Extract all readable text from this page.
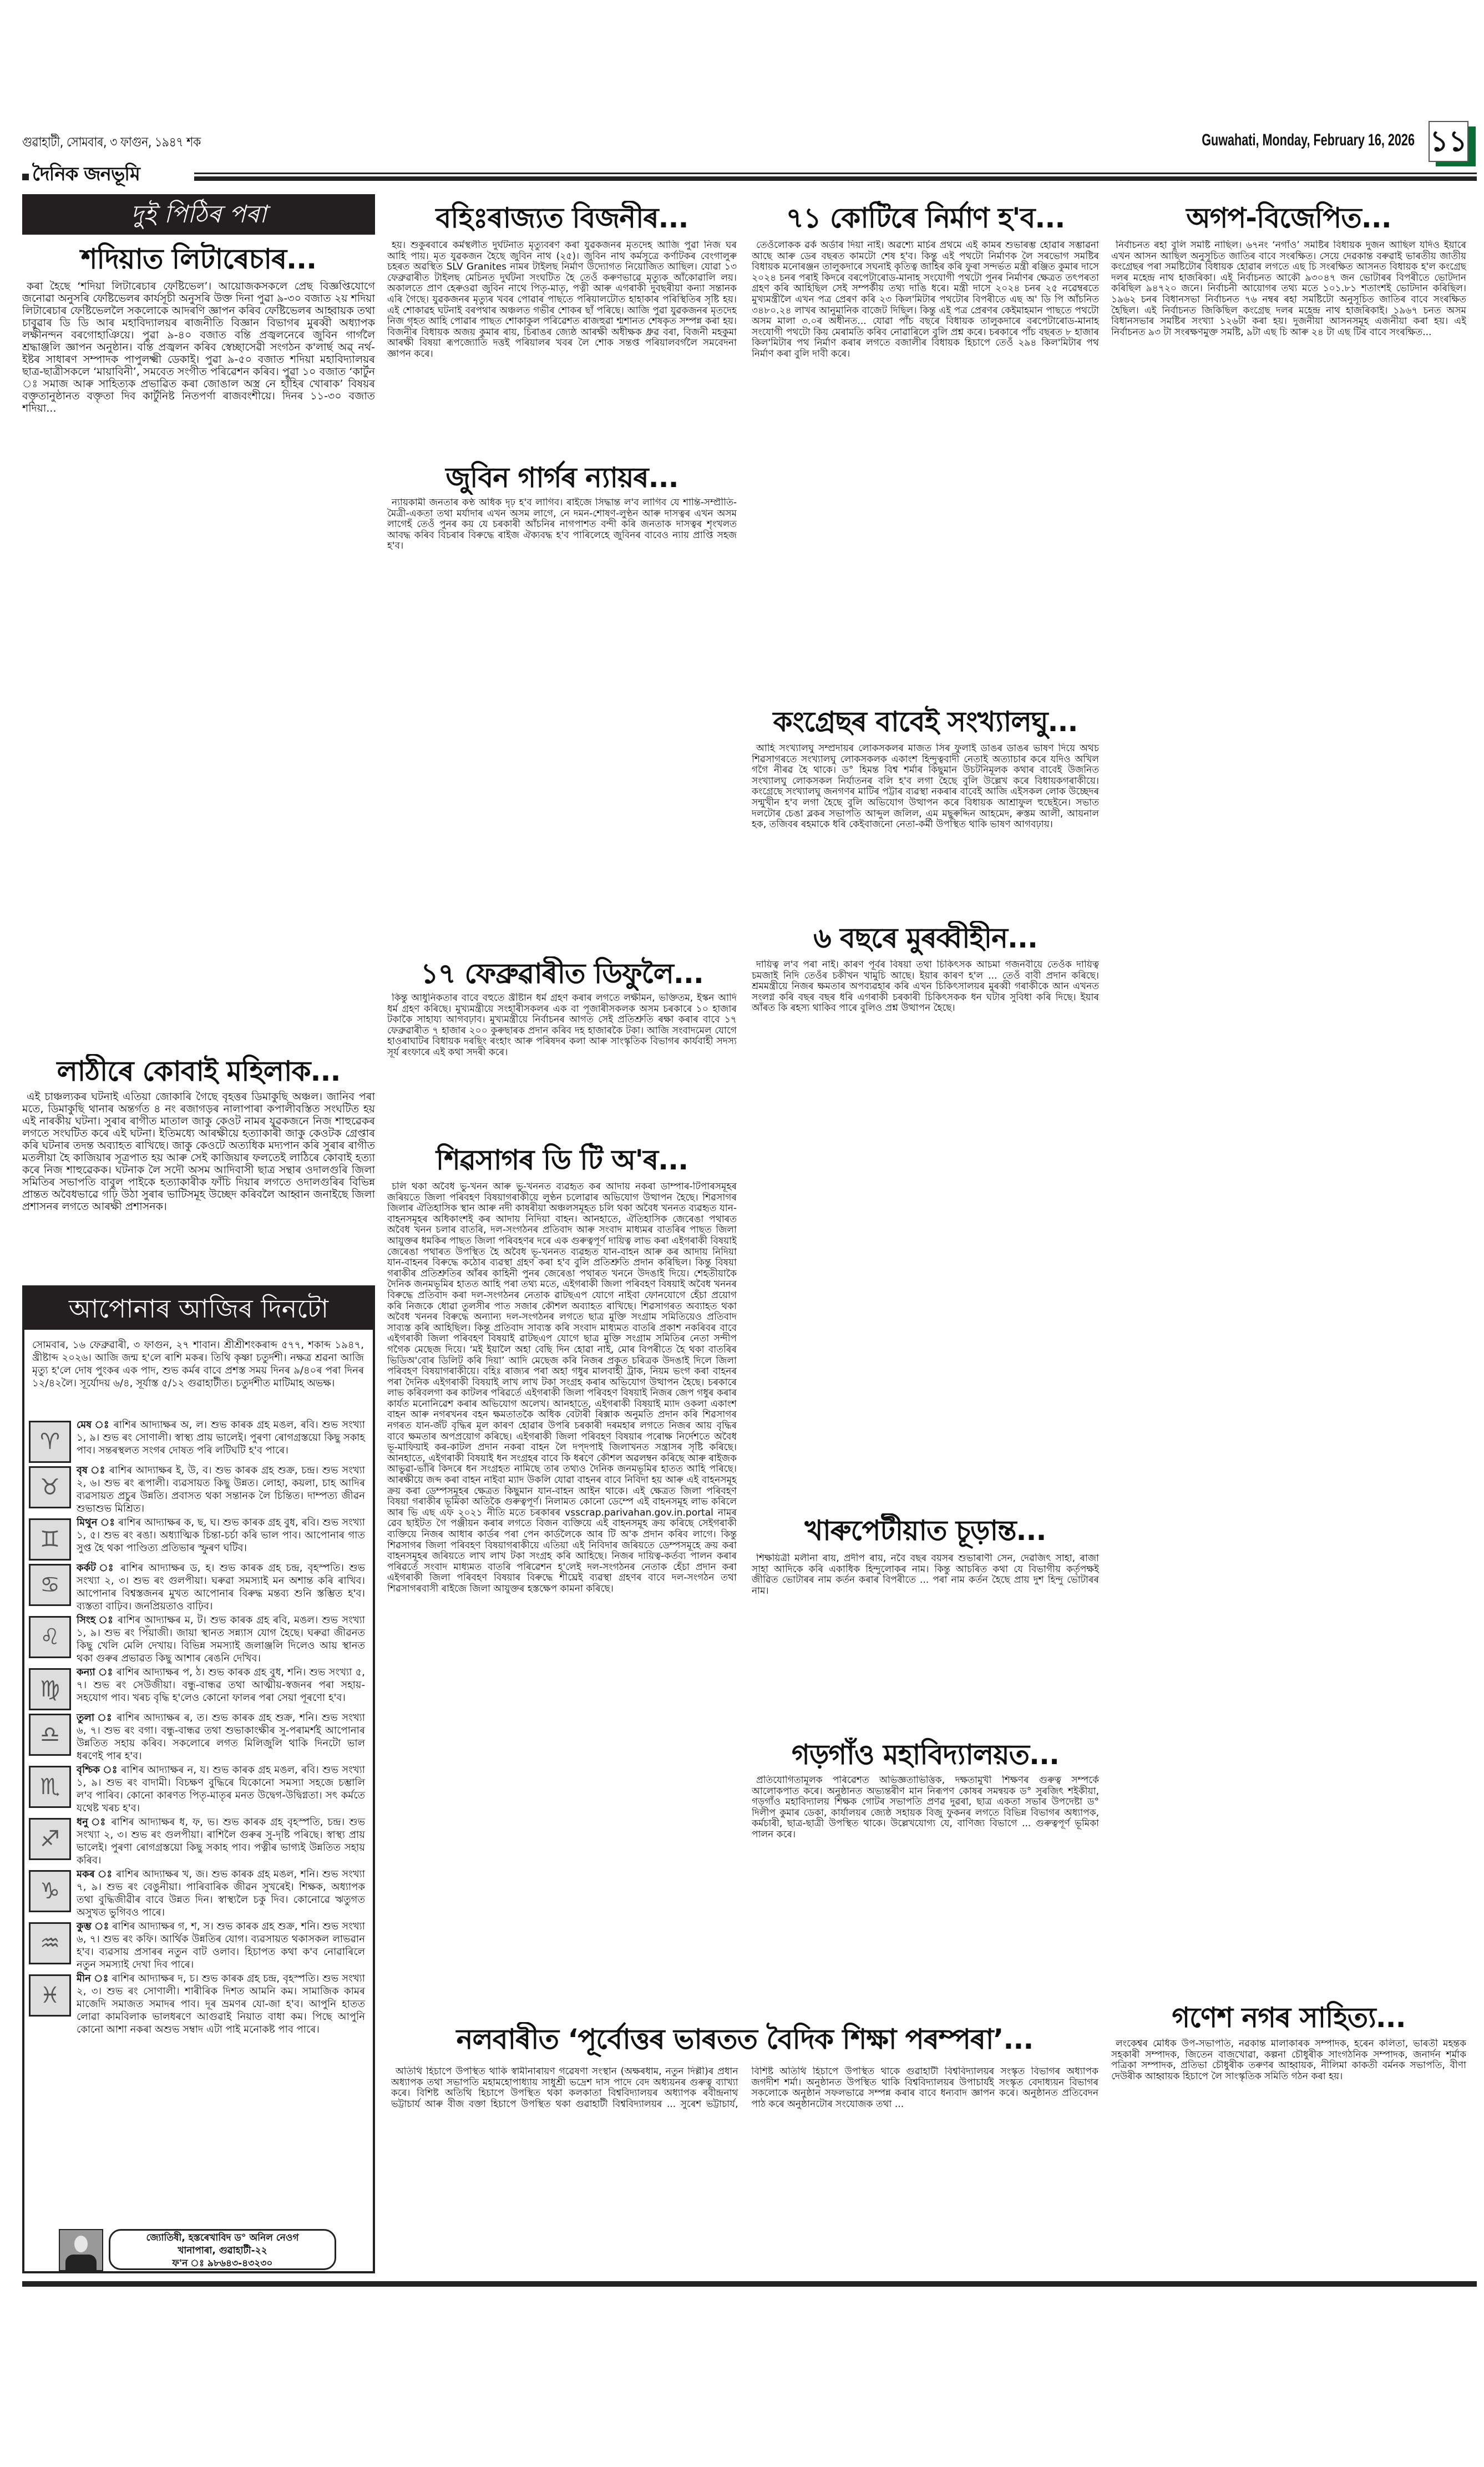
গুৱাহাটী, সোমবাৰ, ৩ ফাগুন, ১৯৪৭ শক	Guwahati, Monday, February 16, 2026 ১১
দৈনিক জনভূমি
দুই পিঠিৰ পৰা
শদিয়াত লিটাৰেচাৰ...
কৰা হৈছে ‘শদিয়া লিটাৰেচাৰ ফেষ্টিভেল’। আয়োজকসকলে প্ৰেছ বিজ্ঞপ্তিযোগে জনোৱা অনুসৰি ফেষ্টিভেলৰ কাৰ্যসূচী অনুসৰি উক্ত দিনা পুৱা ৯-৩০ বজাত ২য় শদিয়া লিটাৰেচাৰ ফেষ্টিভেললৈ সকলোকে আদৰণি জ্ঞাপন কৰিব ফেষ্টিভেলৰ আহ্বায়ক তথা চাবুৱাৰ ডি ডি আৰ মহাবিদ্যালয়ৰ ৰাজনীতি বিজ্ঞান বিভাগৰ মুৰব্বী অধ্যাপক লক্ষীনন্দন বৰগোহাঞিয়ে। পুৱা ৯-৪০ বজাত বন্তি প্ৰজ্বলনেৰে জুবিন গাৰ্গলৈ শ্ৰদ্ধাঞ্জলি জ্ঞাপন অনুষ্ঠান। বন্তি প্ৰজ্বলন কৰিব স্বেচ্ছাসেৱী সংগঠন ক'লাৰ্ছ অৱ্ নৰ্থ-ইষ্টৰ সাধাৰণ সম্পাদক পাপুলক্ষ্মী ডেকাই। পুৱা ৯-৫০ বজাত শদিয়া মহাবিদ্যালয়ৰ ছাত্ৰ-ছাত্ৰীসকলে ‘মায়াবিনী’, সমবেত সংগীত পৰিৱেশন কৰিব। পুৱা ১০ বজাত ‘কাৰ্টুন ঃ সমাজ আৰু সাহিত্যক প্ৰভাৱিত কৰা জোঙাল অস্ত্ৰ নে হাঁহিৰ খোৰাক’ বিষয়ৰ বক্তৃতানুষ্ঠানত বক্তৃতা দিব কাৰ্টুনিষ্ট নিতপৰ্ণা ৰাজবংশীয়ে। দিনৰ ১১-৩০ বজাত শদিয়া...
লাঠীৰে কোবাই মহিলাক...
এই চাঞ্চল্যকৰ ঘটনাই এতিয়া জোকাৰি গৈছে বৃহত্তৰ ডিমাকুছি অঞ্চল। জানিব পৰা মতে, ডিমাকুছি থানাৰ অন্তৰ্গত ৪ নং ৰজাগড়ৰ নালাপাৰা কপালীবস্তিত সংঘটিত হয় এই নাৰকীয় ঘটনা। সুৰাৰ ৰাগীত মাতাল জাকু কেওট নামৰ যুৱকজনে নিজ শাহুৱেকৰ লগতে সংঘটিত কৰে এই ঘটনা। ইতিমধ্যে আৰক্ষীয়ে হত্যাকাৰী জাকু কেওটক গ্ৰেপ্তাৰ কৰি ঘটনাৰ তদন্ত অব্যাহত ৰাখিছে। জাকু কেওটে অত্যধিক মদ্যপান কৰি সুৰাৰ ৰাগীত মতলীয়া হৈ কাজিয়াৰ সূত্ৰপাত হয় আৰু সেই কাজিয়াৰ ফলতেই লাঠিৰে কোবাই হত্যা কৰে নিজ শাহুৱেকক। ঘটনাক লৈ সদৌ অসম আদিবাসী ছাত্ৰ সন্থাৰ ওদালগুৰি জিলা সমিতিৰ সভাপতি বাবুল পাইকে হত্যাকাৰীক ফাঁচি দিয়াৰ লগতে ওদালগুৰিৰ বিভিন্ন প্ৰান্তত অবৈধভাৱে গঢ়ি উঠা সুৰাৰ ভাটিসমূহ উচ্ছেদ কৰিবলৈ আহ্বান জনাইছে জিলা প্ৰশাসনৰ লগতে আৰক্ষী প্ৰশাসনক।
আপোনাৰ আজিৰ দিনটো
সোমবাৰ, ১৬ ফেব্ৰুৱাৰী, ৩ ফাগুন, ২৭ শাবান। শ্ৰীশ্ৰীশংকৰাব্দ ৫৭৭, শকাব্দ ১৯৪৭, খ্ৰীষ্টাব্দ ২০২৬। আজি জন্ম হ'লে ৰাশি মকৰ। তিথি কৃষ্ণা চতুৰ্দশী। নক্ষত্ৰ শ্ৰৱনা আজি মৃত্যু হ'লে দোষ পুংকৰ এক পাদ, শুভ কৰ্মৰ বাবে প্ৰশস্ত সময় দিনৰ ৯/৪০ৰ পৰা দিনৰ ১২/৪২লৈ। সূৰ্যোদয় ৬/৪, সূৰ্যাস্ত ৫/১২ গুৱাহাটীত। চতুৰ্দশীত মাটিমাহ অভক্ষ।
♈
মেষ ঃ ৰাশিৰ আদ্যাক্ষৰ অ, ল। শুভ কাৰক গ্ৰহ মঙল, ৰবি। শুভ সংখ্যা ১, ৯। শুভ ৰং সোণালী। স্বাস্থ্য প্ৰায় ভালেই। পুৰণা ৰোগগ্ৰস্তয়ো কিছু সকাহ পাব। সন্তৰস্থলত সংগৰ দোষত পৰি লটিঘটি হ'ব পাৰে।
♉
বৃষ ঃ ৰাশিৰ আদ্যাক্ষৰ ই, উ, ব। শুভ কাৰক গ্ৰহ শুক্ৰ, চন্দ্ৰ। শুভ সংখ্যা ২, ৬। শুভ ৰং ৰূপালী। ব্যৱসায়ত কিছু উন্নত। লোহা, কয়লা, চাহ আদিৰ ব্যৱসায়ত প্ৰচুৰ উন্নতি। প্ৰবাসত থকা সন্তানক লৈ চিন্তিত। দাম্পত্য জীৱন শুভাশুভ মিশ্ৰিত।
♊
মিথুন ঃ ৰাশিৰ আদ্যাক্ষৰ ক, ছ, ঘ। শুভ কাৰক গ্ৰহ বুধ, ৰবি। শুভ সংখ্যা ১, ৫। শুভ ৰং ৰঙা। অধ্যাত্মিক চিন্তা-চৰ্চা কৰি ভাল পাব। আপোনাৰ গাত সুপ্ত হৈ থকা পাণ্ডিত্য প্ৰতিভাৰ স্ফুৰণ ঘটিব।
♋
কৰ্কট ঃ ৰাশিৰ আদ্যাক্ষৰ ড, হ। শুভ কাৰক গ্ৰহ চন্দ্ৰ, বৃহস্পতি। শুভ সংখ্যা ২, ৩। শুভ ৰং গুলপীয়া। ঘৰুৱা সমস্যাই মন অশান্ত কৰি ৰাখিব। আপোনাৰ বিশ্বস্তজনৰ মুখত আপোনাৰ বিৰুদ্ধ মন্তব্য শুনি স্তম্ভিত হ'ব। ব্যস্ততা বাঢ়িব। জনপ্ৰিয়তাও বাঢ়িব।
♌
সিংহ ঃ ৰাশিৰ আদ্যাক্ষৰ ম, ট। শুভ কাৰক গ্ৰহ ৰবি, মঙল। শুভ সংখ্যা ১, ৯। শুভ ৰং পিঁয়াজী। জায়া স্থানত সন্ন্যাস যোগ হৈছে। ঘৰুৱা জীৱনত কিছু খেলি মেলি দেখায়। বিভিন্ন সমস্যাই জলাঞ্জলি দিলেও আয় স্থানত থকা গুৰুৰ প্ৰভাৱত কিছু আশাৰ ৰেঙনি দেখিব।
♍
কন্যা ঃ ৰাশিৰ আদ্যাক্ষৰ প, ঠ। শুভ কাৰক গ্ৰহ বুধ, শনি। শুভ সংখ্যা ৫, ৭। শুভ ৰং সেউজীয়া। বন্ধু-বান্ধৱ তথা আত্মীয়-স্বজনৰ পৰা সহায়-সহযোগ পাব। খৰচ বৃদ্ধি হ'লেও কোনো ফালৰ পৰা সেয়া পূৰণো হ'ব।
♎
তুলা ঃ ৰাশিৰ আদ্যাক্ষৰ ৰ, ত। শুভ কাৰক গ্ৰহ শুক্ৰ, শনি। শুভ সংখ্যা ৬, ৭। শুভ ৰং বগা। বন্ধু-বান্ধৱ তথা শুভাকাংক্ষীৰ সু-পৰামৰ্শই আপোনাৰ উন্নতিত সহায় কৰিব। সকলোৰে লগত মিলিজুলি থাকি দিনটো ভাল ধৰণেই পাৰ হ'ব।
♏
বৃশ্চিক ঃ ৰাশিৰ আদ্যাক্ষৰ ন, য। শুভ কাৰক গ্ৰহ মঙল, ৰবি। শুভ সংখ্যা ১, ৯। শুভ ৰং বাদামী। বিচক্ষণ বুদ্ধিৰে যিকোনো সমস্যা সহজে চম্ভালি ল'ব পাৰিব। কোনো কাৰণত পিতৃ-মাতৃৰ মনত উদ্বেগ-উদ্বিগ্নতা। সৎ কৰ্মতে যথেষ্ট খৰচ হ'ব।
♐
ধনু ঃ ৰাশিৰ আদ্যাক্ষৰ ধ, ফ, ভ। শুভ কাৰক গ্ৰহ বৃহস্পতি, চন্দ্ৰ। শুভ সংখ্যা ২, ৩। শুভ ৰং গুলপীয়া। ৰাশিলৈ গুৰুৰ সু-দৃষ্টি পৰিছে। স্বাস্থ্য প্ৰায় ভালেই। পুৰণা ৰোগগ্ৰস্তয়ো কিছু সকাহ পাব। পত্নীৰ ভাগ্যই উন্নতিত সহায় কৰিব।
♑
মকৰ ঃ ৰাশিৰ আদ্যাক্ষৰ খ, জ। শুভ কাৰক গ্ৰহ মঙল, শনি। শুভ সংখ্যা ৭, ৯। শুভ ৰং বেঙুনীয়া। পাৰিবাৰিক জীৱন সুখৰেই। শিক্ষক, অধ্যাপক তথা বুদ্ধিজীৱীৰ বাবে উন্নত দিন। স্বাস্থ্যলৈ চকু দিব। কোনোৱে ঋতুগত অসুখত ভুগিবও পাৰে।
♒
কুম্ভ ঃ ৰাশিৰ আদ্যাক্ষৰ গ, শ, স। শুভ কাৰক গ্ৰহ শুক্ৰ, শনি। শুভ সংখ্যা ৬, ৭। শুভ ৰং কফি। আৰ্থিক উন্নতিৰ যোগ। ব্যৱসায়ত থকাসকল লাভৱান হ'ব। ব্যৱসায় প্ৰসাৰৰ নতুন বাট ওলাব। হিচাপত কথা ক'ব নোৱাৰিলে নতুন সমস্যাই দেখা দিব পাৰে।
♓
মীন ঃ ৰাশিৰ আদ্যাক্ষৰ দ, চ। শুভ কাৰক গ্ৰহ চন্দ্ৰ, বৃহস্পতি। শুভ সংখ্যা ২, ৩। শুভ ৰং সোণালী। শাৰীৰিক দিশত আমনি কম। সামাজিক কামৰ মাজেদি সমাজত সমাদৰ পাব। দূৰ ভ্ৰমণৰ যো-জা হ'ব। আপুনি হাতত লোৱা কামবিলাক ভালধৰণে আগুৱাই নিয়াত বাধা কম। পিছে আপুনি কোনো আশা নকৰা অশুভ সম্বাদ এটা পাই মনোকষ্ট পাব পাৰে।
জ্যোতিষী, হস্তৰেখাবিদ ড° অনিল নেওগ
খানাপাৰা, গুৱাহাটী-২২
ফ'ন ঃ ৯৮৬৪৩-৪৩২৩০
বহিঃৰাজ্যত বিজনীৰ...
হয়। শুকুৰবাৰে কৰ্মস্থলীত দুৰ্ঘটনাত মৃত্যুবৰণ কৰা যুৱকজনৰ মৃতদেহ আজি পুৱা নিজ ঘৰ আহি পায়। মৃত যুৱকজন হৈছে জুবিন নাথ (২৫)। জুবিন নাথ কৰ্মসূত্ৰে কৰ্ণাটকৰ বেংগালুৰু চহৰত অৱস্থিত SLV Granites নামৰ টাইলছ নিৰ্মাণ উদ্যোগত নিয়োজিত আছিল। যোৱা ১৩ ফেব্ৰুৱাৰীত টাইলছ মেচিনত দুৰ্ঘটনা সংঘটিত হৈ তেওঁ কৰুণভাৱে মৃত্যুক আঁকোৱালি লয়। অকালতে প্ৰাণ হেৰুওৱা জুবিন নাথে পিতৃ-মাতৃ, পত্নী আৰু এগৰাকী দুবছৰীয়া কন্যা সন্তানক এৰি গৈছে। যুৱকজনৰ মৃত্যুৰ খবৰ পোৱাৰ পাছতে পৰিয়ালটোত হাহাকাৰ পৰিস্থিতিৰ সৃষ্টি হয়। এই শোকাৱহ ঘটনাই বৰপথাৰ অঞ্চলত গভীৰ শোকৰ ছাঁ পৰিছে। আজি পুৱা যুৱকজনৰ মৃতদেহ নিজ গৃহত আহি পোৱাৰ পাছত শোকাকুল পৰিৱেশত ৰাজহুৱা শ্মশানত শেষকৃত সম্পন্ন কৰা হয়। বিজনীৰ বিধায়ক অজয় কুমাৰ ৰায়, চিৰাঙৰ জ্যেষ্ঠ আৰক্ষী অধীক্ষক ধ্ৰুৱ বৰা, বিজনী মহকুমা আৰক্ষী বিষয়া ৰূপজ্যোতি দত্তই পৰিয়ালৰ খবৰ লৈ শোক সন্তপ্ত পৰিয়ালবৰ্গলৈ সমবেদনা জ্ঞাপন কৰে।
জুবিন গাৰ্গৰ ন্যায়ৰ...
ন্যায়কামী জনতাৰ কণ্ঠ অধিক দৃঢ় হ'ব লাগিব। ৰাইজে সিদ্ধান্ত ল'ব লাগিব যে শান্তি-সম্প্ৰীতি-মৈত্ৰী-একতা তথা মৰ্যাদাৰ এখন অসম লাগে, নে দমন-শোষণ-লুণ্ঠন আৰু দাসত্বৰ এখন অসম লাগেহঁ তেওঁ পুনৰ কয় যে চৰকাৰী আঁচনিৰ নাগপাশত বন্দী কৰি জনতাক দাসত্বৰ শৃংখলত আবদ্ধ কৰিব বিচৰাৰ বিৰুদ্ধে ৰাইজ ঐক্যবদ্ধ হ'ব পাৰিলেহে জুবিনৰ বাবেও ন্যায় প্ৰাপ্তি সহজ হ'ব।
১৭ ফেব্ৰুৱাৰীত ডিফুলৈ...
কিন্তু আধুনিকতাৰ বাবে বহুতে খ্ৰীষ্টান ধৰ্ম গ্ৰহণ কৰাৰ লগতে লক্ষীমন, ভক্তিতম, ইস্কন আদি ধৰ্ম গ্ৰহণ কৰিছে। মুখ্যমন্ত্ৰীয়ে সংহাৰীসকলৰ এক বা পূজাৰীসকলক অসম চৰকাৰে ১০ হাজাৰ টকাকৈ সাহায্য আগবঢ়াব। মুখ্যমন্ত্ৰীয়ে নিৰ্বাচনৰ আগত সেই প্ৰতিশ্ৰুতি ৰক্ষা কৰাৰ বাবে ১৭ ফেব্ৰুৱাৰীত ৭ হাজাৰ ২০০ কুৰুছাৰক প্ৰদান কৰিব দহ হাজাৰকৈ টকা। আজি সংবাদমেল যোগে হাওৰাঘাটৰ বিধায়ক দৰছিং ৰংহাং আৰু পৰিষদৰ কলা আৰু সাংস্কৃতিক বিভাগৰ কাৰ্যবাহী সদস্য সূৰ্য ৰংফাৰে এই কথা সদৰী কৰে।
শিৱসাগৰ ডি টি অ'ৰ...
চলি থকা অবৈধ ভু-খনন আৰু ভু-খননত ব্যৱহৃত কৰ আদায় নকৰা ডাম্পাৰ-টিপাৰসমূহৰ জৰিয়তে জিলা পৰিবহণ বিষয়াগৰাকীয়ে লুণ্ঠন চলোৱাৰ অভিযোগ উত্থাপন হৈছে। শিৱসাগৰ জিলাৰ ঐতিহাসিক স্থান আৰু নদী কাষৰীয়া অঞ্চলসমূহত চলি থকা অবৈধ খননত ব্যৱহৃত যান-বাহনসমূহৰ অধিকাংশই কৰ আদায় নিদিয়া বাহন। আনহাতে, ঐতিহাসিক জেৰেঙা পথাৰত অবৈধ খনন চলাৰ বাতৰি, দল-সংগঠনৰ প্ৰতিবাদ আৰু সংবাদ মাধ্যমৰ বাতৰিৰ পাছত জিলা আয়ুক্তৰ ধমকিৰ পাছত জিলা পৰিবহণৰ দৰে এক গুৰুত্বপূৰ্ণ দায়িত্ব লাভ কৰা এইগৰাকী বিষয়াই জেৰেঙা পথাৰত উপস্থিত হৈ অবৈধ ভূ-খননত ব্যৱহৃত যান-বাহন আৰু কৰ আদায় নিদিয়া যান-বাহনৰ বিৰুদ্ধে কঠোৰ ব্যৱস্থা গ্ৰহণ কৰা হ'ব বুলি প্ৰতিশ্ৰুতি প্ৰদান কৰিছিল। কিন্তু বিষয়া গৰাকীৰ প্ৰতিশ্ৰুতিৰ আঁৰৰ কাহিনী পুনৰ জেৰেঙা পথাৰত খননে উদঙাই দিয়ে। শেহতীয়াকৈ দৈনিক জনমভূমিৰ হাতত আহি পৰা তথ্য মতে, এইগৰাকী জিলা পৰিবহণ বিষয়াই অবৈধ খননৰ বিৰুদ্ধে প্ৰতিবাদ কৰা দল-সংগঠনৰ নেতাক ৱাটছএপ যোগে নাইবা ফোনযোগে হেঁচা প্ৰয়োগ কৰি নিজকে ধোৱা তুলসীৰ পাত সজাৰ কৌশল অব্যাহত ৰাখিছে। শিৱসাগৰত অব্যাহত থকা অবৈধ খননৰ বিৰুদ্ধে অন্যান্য দল-সংগঠনৰ লগতে ছাত্ৰ মুক্তি সংগ্ৰাম সমিতিয়েও প্ৰতিবাদ সাব্যস্ত কৰি আহিছিল। কিন্তু প্ৰতিবাদ সাব্যস্ত কৰি সংবাদ মাধ্যমত বাতৰি প্ৰকাশ নকৰিবৰ বাবে এইগৰাকী জিলা পৰিবহণ বিষয়াই ৱাটছএপ যোগে ছাত্ৰ মুক্তি সংগ্ৰাম সমিতিৰ নেতা সন্দীপ গগৈক মেছেজ দিয়ে। ‘মই ইয়ালৈ অহা বেছি দিন হোৱা নাই, মোৰ বিপৰীতে হৈ থকা বাতৰিৰ ভিডিঅ'বোৰ ডিলিট কৰি দিয়া’ আদি মেছেজ কৰি নিজৰ প্ৰকৃত চৰিত্ৰক উদঙাই দিলে জিলা পৰিবহণ বিষয়াগৰাকীয়ে। বহিঃ ৰাজ্যৰ পৰা অহা গধুৰ মালবাহী ট্ৰাক, নিয়ম ভংগ কৰা বাহনৰ পৰা দৈনিক এইগৰাকী বিষয়াই লাখ লাখ টকা সংগ্ৰহ কৰাৰ অভিযোগ উত্থাপন হৈছে। চৰকাৰে লাভ কৰিবলগা কৰ কাটলৰ পৰিৱৰ্তে এইগৰাকী জিলা পৰিবহণ বিষয়াই নিজৰ জেপ গধুৰ কৰাৰ কাৰ্যত মনোনিৱেশ কৰাৰ অভিযোগ অলেখ। আনহাতে, এইগৰাকী বিষয়াই ম্যাদ ওকলা একাংশ বাহন আৰু নগৰখনৰ বহন ক্ষমতাতকৈ অধিক বেটাৰী ৰিক্সাক অনুমতি প্ৰদান কৰি শিৱসাগৰ নগৰত যান-জঁট বৃদ্ধিৰ মূল কাৰণ হোৱাৰ উপৰি চৰকাৰী দৰমহাৰ লগতে নিজৰ আয় বৃদ্ধিৰ বাবে ক্ষমতাৰ অপপ্ৰয়োগ কৰিছে। এইগৰাকী জিলা পৰিবহণ বিষয়াৰ পৰোক্ষ নিৰ্দেশতে অবৈধ ভূ-মাফিয়াই কৰ-কাটল প্ৰদান নকৰা বাহন লৈ দপ্দপাই জিলাখনত সন্ত্ৰাসৰ সৃষ্টি কৰিছে। আনহাতে, এইগৰাকী বিষয়াই ধন সংগ্ৰহৰ বাবে কি ধৰণে কৌশল অৱলম্বন কৰিছে আৰু ৰাইজক আভুৱা-ভাঁৰি কিদৰে ধন সংগ্ৰহত নামিছে তাৰ তথ্যও দৈনিক জনমভূমিৰ হাতত আহি পৰিছে। আৰক্ষীয়ে জব্দ কৰা বাহন নাইবা ম্যাদ উকলি যোৱা বাহনৰ বাবে নিবিদা হয় আৰু এই বাহনসমূহ ক্ৰয় কৰা ডেম্পসমূহৰ ক্ষেত্ৰত কিছুমান যান-বাহন আইন থাকে। এই ক্ষেত্ৰত জিলা পৰিবহণ বিষয়া গৰাকীৰ ভূমিকা অতিকৈ গুৰুত্বপূৰ্ণ। নিলামত কোনো ডেম্পে এই বাহনসমূহ লাভ কৰিলে আৰ ভি এছ এফ ২০২১ নীতি মতে চৰকাৰৰ vsscrap.parivahan.gov.in.portal নামৰ ৱেব ছাইটত গৈ পঞ্জীয়ন কৰাৰ লগতে বিজন ব্যক্তিয়ে এই বাহনসমূহ ক্ৰয় কৰিছে সেইগৰাকী ব্যক্তিয়ে নিজৰ আধাৰ কাৰ্ডৰ পৰা পেন কাৰ্ডলৈকে আৰ টি অ'ক প্ৰদান কৰিব লাগে। কিন্তু শিৱসাগৰ জিলা পৰিবহণ বিষয়াগৰাকীয়ে এতিয়া এই নিবিদাৰ জৰিয়তে ডেম্পসমূহে ক্ৰয় কৰা বাহনসমূহৰ জৰিয়তে লাখ লাখ টকা সংগ্ৰহ কৰি আহিছে। নিজৰ দায়িত্ব-কৰ্তব্য পালন কৰাৰ পৰিৱৰ্তে সংবাদ মাধ্যমত বাতৰি পৰিৱেশন হ'লেই দল-সংগঠনৰ নেতাক হেঁচা প্ৰদান কৰা এইগৰাকী জিলা পৰিবহণ বিষয়াৰ বিৰুদ্ধে শীঘ্ৰেই ব্যৱস্থা গ্ৰহণৰ বাবে দল-সংগঠন তথা শিৱসাগৰবাসী ৰাইজে জিলা আয়ুক্তৰ হস্তক্ষেপ কামনা কৰিছে।
৭১ কোটিৰে নিৰ্মাণ হ'ব...
তেওঁলোকক ৱৰ্ক অৰ্ডাৰ দিয়া নাই। অৱশ্যে মাৰ্চৰ প্ৰথমে এই কামৰ শুভাৰম্ভ হোৱাৰ সম্ভাৱনা আছে আৰু ডেৰ বছৰত কামটো শেষ হ'ব। কিন্তু এই পথটো নিৰ্মাণক লৈ সৰভোগ সমষ্টিৰ বিধায়ক মনোৰঞ্জন তালুকদাৰে সঘনাই কৃতিত্ব জাহিৰ কৰি ফুৰা সন্দৰ্ভত মন্ত্ৰী ৰঞ্জিত কুমাৰ দাসে ২০২৪ চনৰ পৰাই কিদৰে বৰপেটাৰোড-মানাহ সংযোগী পথটো পুনৰ নিৰ্মাণৰ ক্ষেত্ৰত তৎপৰতা গ্ৰহণ কৰি আহিছিল সেই সম্পৰ্কীয় তথ্য দাঙি ধৰে। মন্ত্ৰী দাসে ২০২৪ চনৰ ২৫ নৱেম্বৰতে মুখ্যমন্ত্ৰীলৈ এখন পত্ৰ প্ৰেৰণ কৰি ২৩ কিল'মিটাৰ পথটোৰ বিপৰীতে এছ অ' ডি পি আঁচনিত ৩৪৮০.২৪ লাখৰ আনুমানিক বাজেট দিছিল। কিন্তু এই পত্ৰ প্ৰেৰণৰ কেইমাহমান পাছতে পথটো অসম মালা ৩.০ৰ অধীনত... যোৱা পাঁচ বছৰে বিধায়ক তালুকদাৰে বৰপেটাৰোড-মানাহ সংযোগী পথটো কিয় মেৰামতি কৰিব নোৱাৰিলে বুলি প্ৰশ্ন কৰে। চৰকাৰে পাঁচ বছৰত ৮ হাজাৰ কিল'মিটাৰ পথ নিৰ্মাণ কৰাৰ লগতে বজালীৰ বিধায়ক হিচাপে তেওঁ ২৯৪ কিল'মিটাৰ পথ নিৰ্মাণ কৰা বুলি দাবী কৰে।
কংগ্ৰেছৰ বাবেই সংখ্যালঘু...
আহি সংখ্যালঘু সম্প্ৰদায়ৰ লোকসকলৰ মাজত সিৰ ফুলাই ডাঙৰ ডাঙৰ ভাষণ দিয়ে অথচ শিৱসাগৰতে সংখ্যালঘু লোকসকলক একাংশ হিন্দুত্ববাদী নেতাই অত্যাচাৰ কৰে যদিও অখিল গগৈ নীৰৱ হৈ থাকে। ড° হিমন্ত বিশ্ব শৰ্মাৰ কিছুমান উচটনিমূলক কথাৰ বাবেই উজনিত সংখ্যালঘু লোকসকল নিৰ্যাতনৰ বলি হ'ব লগা হৈছে বুলি উল্লেখ কৰে বিধায়কগৰাকীয়ে। কংগ্ৰেছে সংখ্যালঘু জনগণৰ মাটিৰ পট্টাৰ ব্যৱস্থা নকৰাৰ বাবেই আজি এইসকল লোক উচ্ছেদৰ সন্মুখীন হ'ব লগা হৈছে বুলি অভিযোগ উত্থাপন কৰে বিধায়ক আশ্ৰাফুল হুছেইনে। সভাত দলটোৰ চেঙা ব্লকৰ সভাপতি আব্দুল জলিল, এম মছুৰুদ্দিন আহমেদ, ৰুস্তম আলী, আয়নাল হক, তজিবৰ ৰহমাকে ধৰি কেইবাজনো নেতা-কৰ্মী উপস্থিত থাকি ভাষণ আগবঢ়ায়।
৬ বছৰে মুৰব্বীহীন...
দায়িত্ব ল'ব পৰা নাই। কাৰণ পূৰ্বৰ বিষয়া তথা চিকিৎসক আচমা গজনবীয়ে তেওঁক দায়িত্ব চমজাই নিদি তেওঁৰ চকীখন খামুচি আছে। ইয়াৰ কাৰণ হ'ল ... তেওঁ বাবী প্ৰদান কৰিছে। শ্ৰমমন্ত্ৰীয়ে নিজৰ ক্ষমতাৰ অপব্যৱহাৰ কৰি এখন চিকিৎসালয়ৰ মুৰব্বী গৰাকীকে আন এখনত সংলগ্ন কৰি বছৰ বছৰ ধৰি এগৰাকী চৰকাৰী চিকিৎসকক ধন ঘটাৰ সুবিধা কৰি দিছে। ইয়াৰ আঁৰত কি ৰহস্য থাকিব পাৰে বুলিও প্ৰশ্ন উত্থাপন হৈছে।
খাৰুপেটীয়াত চূড়ান্ত...
শিক্ষয়িত্ৰী মলীনা ৰায়, প্ৰদীপ ৰায়, নবৈ বছৰ বয়সৰ শুভাৰাণী সেন, দেৱজিৎ সাহা, ৰাজা সাহা আদিকে কৰি একাধিক হিন্দুলোকৰ নাম। কিন্তু আচৰিত কথা যে বিভাগীয় কৰ্তৃপক্ষই জীৱিত ভোটাৰৰ নাম কৰ্তন কৰাৰ বিপৰীতে ... পৰা নাম কৰ্তন হৈছে প্ৰায় দুশ হিন্দু ভোটাৰৰ নাম।
গড়গাঁও মহাবিদ্যালয়ত...
প্ৰতিযোগিতামূলক পৰিৱেশত অভিজ্ঞতাভিত্তিক, দক্ষতামুখী শিক্ষণৰ গুৰুত্ব সম্পৰ্কে আলোকপাত কৰে। অনুষ্ঠানত অভ্যন্তৰীণ মান নিৰূপণ কোষৰ সমন্বয়ক ড° সুৰজিৎ শইকীয়া, গড়গাঁও মহাবিদ্যালয় শিক্ষক গোটৰ সভাপতি প্ৰণৱ দুৱৰা, ছাত্ৰ একতা সভাৰ উপদেষ্টা ড° দিলীপ কুমাৰ ডেকা, কাৰ্যালয়ৰ জ্যেষ্ঠ সহায়ক বিজু ফুকনৰ লগতে বিভিন্ন বিভাগৰ অধ্যাপক, কৰ্মচাৰী, ছাত্ৰ-ছাত্ৰী উপস্থিত থাকে। উল্লেখযোগ্য যে, বাণিজ্য বিভাগে ... গুৰুত্বপূৰ্ণ ভূমিকা পালন কৰে।
নলবাৰীত ‘পূৰ্বোত্তৰ ভাৰতত বৈদিক শিক্ষা পৰম্পৰা’...
অতিথি হিচাপে উপস্থিত থাকি স্বামীনাৰায়ণ গৱেষণা সংস্থান (অক্ষৰধাম, নতুন দিল্লী)ৰ প্ৰধান অধ্যাপক তথা সভাপতি মহামহোপাধ্যায় সাধুশ্ৰী ভদ্ৰেশ দাস পাদে বেদ অধ্যয়নৰ গুৰুত্ব ব্যাখ্যা কৰে। বিশিষ্ট অতিথি হিচাপে উপস্থিত থকা কলকাতা বিশ্ববিদ্যালয়ৰ অধ্যাপক ৰবীন্দ্ৰনাথ ভট্টাচাৰ্য আৰু বীজ বক্তা হিচাপে উপস্থিত থকা গুৱাহাটী বিশ্ববিদ্যালয়ৰ ... সুৰেশ ভট্টাচাৰ্য, বিশিষ্ট অতিথি হিচাপে উপস্থিত থাকে গুৱাহাটী বিশ্ববিদ্যালয়ৰ সংস্কৃত বিভাগৰ অধ্যাপক জগদীশ শৰ্মা। অনুষ্ঠানত উপস্থিত থাকি বিশ্ববিদ্যালয়ৰ উপাচাৰ্যই সংস্কৃত বেদাধ্যয়ন বিভাগৰ সকলোকে অনুষ্ঠান সফলভাৱে সম্পন্ন কৰাৰ বাবে ধন্যবাদ জ্ঞাপন কৰে। অনুষ্ঠানত প্ৰতিবেদন পাঠ কৰে অনুষ্ঠানটোৰ সংযোজক তথা ...
অগপ-বিজেপিত...
নিৰ্বাচনত ৰহা বুলি সমষ্টি নাছিল। ৬৭নং ‘নগাঁও’ সমষ্টিৰ বিধায়ক দুজন আছিল যদিও ইয়াৰে এখন আসন আছিল অনুসূচিত জাতিৰ বাবে সংৰক্ষিত। সেয়ে দেৱকান্ত বৰুৱাই ভাৰতীয় জাতীয় কংগ্ৰেছৰ পৰা সমষ্টিটোৰ বিধায়ক হোৱাৰ লগতে এছ চি সংৰক্ষিত আসনত বিধায়ক হ'ল কংগ্ৰেছ দলৰ মহেন্দ্ৰ নাথ হাজৰিকা। এই নিৰ্বাচনত আকৌ ৯৩০৪৭ জন ভোটাৰৰ বিপৰীতে ভোটদান কৰিছিল ৯৪৭২০ জনে। নিৰ্বাচনী আয়োগৰ তথ্য মতে ১০১.৮১ শতাংশই ভোটদান কৰিছিল। ১৯৬২ চনৰ বিধানসভা নিৰ্বাচনত ৭৬ নম্বৰ ৰহা সমষ্টিটো অনুসূচিত জাতিৰ বাবে সংৰক্ষিত হৈছিল। এই নিৰ্বাচনত জিকিছিল কংগ্ৰেছ দলৰ মহেন্দ্ৰ নাথ হাজৰিকাই। ১৯৬৭ চনত অসম বিধানসভাৰ সমষ্টিৰ সংখ্যা ১২৬টা কৰা হয়। দুজনীয়া আসনসমূহ এজনীয়া কৰা হয়। এই নিৰ্বাচনত ৯৩ টা সংৰক্ষণমুক্ত সমষ্টি, ৯টা এছ চি আৰু ২৪ টা এছ টিৰ বাবে সংৰক্ষিত...
গণেশ নগৰ সাহিত্য...
লংকেশ্বৰ মেধিক উপ-সভাপতি, নৱকান্ত মালাকাৰক সম্পাদক, হৰেন কলিতা, ভাৰতী মহন্তক সহকাৰী সম্পাদক, জিতেন বাজখোৱা, কল্পনা চৌধুৰীক সাংগঠনিক সম্পাদক, জনাৰ্দন শৰ্মাক পত্ৰিকা সম্পাদক, প্ৰতিভা চৌধুৰীক তৰুণৰ আহ্বায়ক, নীলিমা কাকতী বৰ্মনক সভাপতি, বীণা দেউৰীক আহ্বায়ক হিচাপে লৈ সাংস্কৃতিক সমিতি গঠন কৰা হয়।
